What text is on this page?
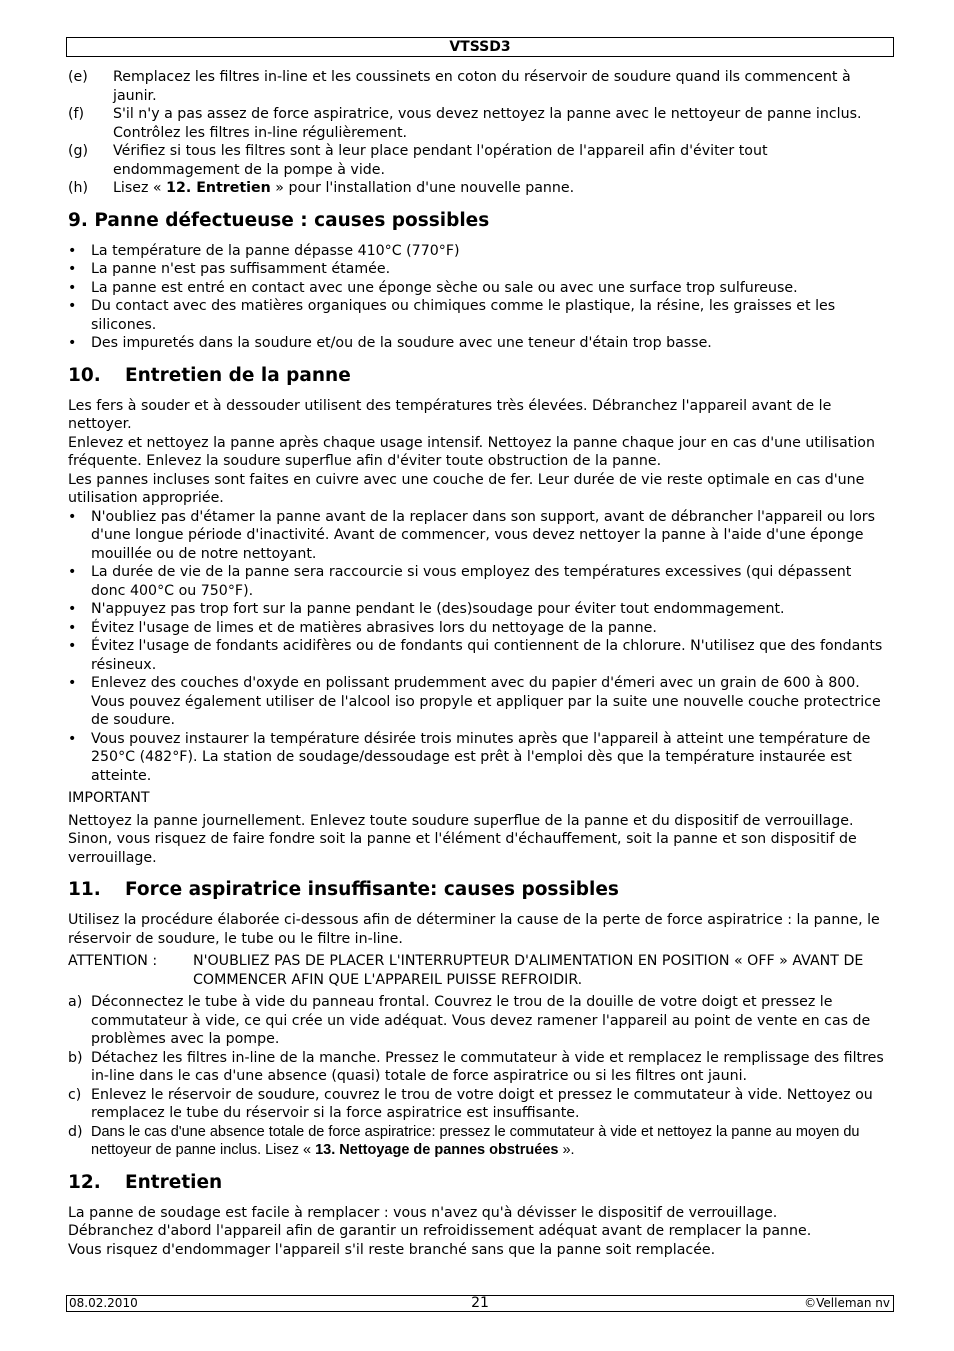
VTSSD3
(e)	Remplacez les filtres in-line et les coussinets en coton du réservoir de soudure quand ils commencent à jaunir.
(f)	S'il n'y a pas assez de force aspiratrice, vous devez nettoyez la panne avec le nettoyeur de panne inclus. Contrôlez les filtres in-line régulièrement.
(g)	Vérifiez si tous les filtres sont à leur place pendant l'opération de l'appareil afin d'éviter tout endommagement de la pompe à vide.
(h)	Lisez « 12. Entretien » pour l'installation d'une nouvelle panne.
9. Panne défectueuse : causes possibles
• La température de la panne dépasse 410°C (770°F)
• La panne n'est pas suffisamment étamée.
• La panne est entré en contact avec une éponge sèche ou sale ou avec une surface trop sulfureuse.
• Du contact avec des matières organiques ou chimiques comme le plastique, la résine, les graisses et les silicones.
• Des impuretés dans la soudure et/ou de la soudure avec une teneur d'étain trop basse.
10. Entretien de la panne

Les fers à souder et à dessouder utilisent des températures très élevées. Débranchez l'appareil avant de le nettoyer.

Enlevez et nettoyez la panne après chaque usage intensif. Nettoyez la panne chaque jour en cas d'une utilisation fréquente. Enlevez la soudure superflue afin d'éviter toute obstruction de la panne.

Les pannes incluses sont faites en cuivre avec une couche de fer. Leur durée de vie reste optimale en cas d'une utilisation appropriée.

• N'oubliez pas d'étamer la panne avant de la replacer dans son support, avant de débrancher l'appareil ou lors d'une longue période d'inactivité. Avant de commencer, vous devez nettoyer la panne à l'aide d'une éponge mouillée ou de notre nettoyant.
• La durée de vie de la panne sera raccourcie si vous employez des températures excessives (qui dépassent donc 400°C ou 750°F).
• N'appuyez pas trop fort sur la panne pendant le (des)soudage pour éviter tout endommagement.
• Évitez l'usage de limes et de matières abrasives lors du nettoyage de la panne.
• Évitez l'usage de fondants acidifères ou de fondants qui contiennent de la chlorure. N'utilisez que des fondants résineux.
• Enlevez des couches d'oxyde en polissant prudemment avec du papier d'émeri avec un grain de 600 à 800. Vous pouvez également utiliser de l'alcool iso propyle et appliquer par la suite une nouvelle couche protectrice de soudure.
• Vous pouvez instaurer la température désirée trois minutes après que l'appareil à atteint une température de 250°C (482°F). La station de soudage/dessoudage est prêt à l'emploi dès que la température instaurée est atteinte.

IMPORTANT

Nettoyez la panne journellement. Enlevez toute soudure superflue de la panne et du dispositif de verrouillage. Sinon, vous risquez de faire fondre soit la panne et l'élément d'échauffement, soit la panne et son dispositif de verrouillage.

11. Force aspiratrice insuffisante: causes possibles

Utilisez la procédure élaborée ci-dessous afin de déterminer la cause de la perte de force aspiratrice : la panne, le réservoir de soudure, le tube ou le filtre in-line.

ATTENTION :	N'OUBLIEZ PAS DE PLACER L'INTERRUPTEUR D'ALIMENTATION EN POSITION « OFF » AVANT DE COMMENCER AFIN QUE L'APPAREIL PUISSE REFROIDIR.
a) Déconnectez le tube à vide du panneau frontal. Couvrez le trou de la douille de votre doigt et pressez le commutateur à vide, ce qui crée un vide adéquat. Vous devez ramener l'appareil au point de vente en cas de problèmes avec la pompe.
b) Détachez les filtres in-line de la manche. Pressez le commutateur à vide et remplacez le remplissage des filtres in-line dans le cas d'une absence (quasi) totale de force aspiratrice ou si les filtres ont jauni.
c) Enlevez le réservoir de soudure, couvrez le trou de votre doigt et pressez le commutateur à vide. Nettoyez ou remplacez le tube du réservoir si la force aspiratrice est insuffisante.
d) Dans le cas d'une absence totale de force aspiratrice: pressez le commutateur à vide et nettoyez la panne au moyen du nettoyeur de panne inclus. Lisez « 13. Nettoyage de pannes obstruées ».
12. Entretien

La panne de soudage est facile à remplacer : vous n'avez qu'à dévisser le dispositif de verrouillage.

Débranchez d'abord l'appareil afin de garantir un refroidissement adéquat avant de remplacer la panne.

Vous risquez d'endommager l'appareil s'il reste branché sans que la panne soit remplacée.

08.02.2010	21	©Velleman nv
